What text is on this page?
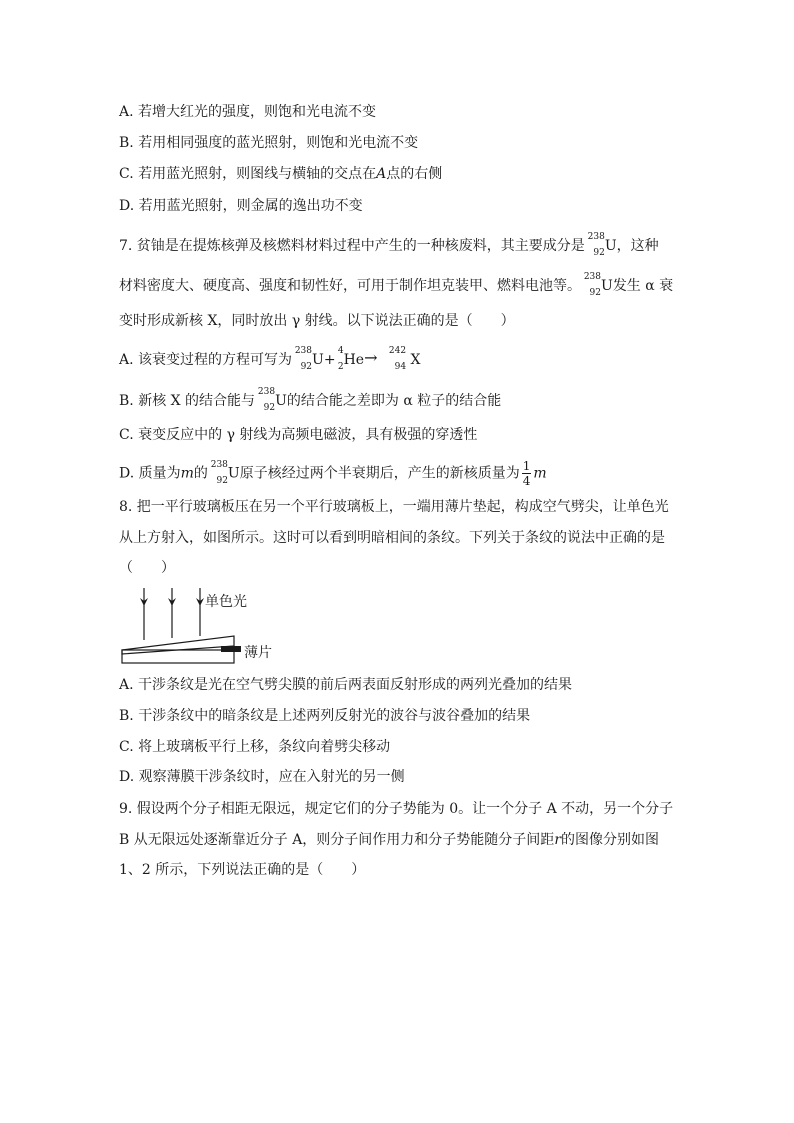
A. 若增大红光的强度，则饱和光电流不变
B. 若用相同强度的蓝光照射，则饱和光电流不变
C. 若用蓝光照射，则图线与横轴的交点在A点的右侧
D. 若用蓝光照射，则金属的逸出功不变
7. 贫铀是在提炼核弹及核燃料材料过程中产生的一种核废料，其主要成分是
238
92 U，这种
材料密度大、硬度高、强度和韧性好，可用于制作坦克装甲、燃料电池等。
238
92 U发生 α 衰
变时形成新核 X，同时放出 γ 射线。以下说法正确的是（　　）
A. 该衰变过程的方程可写为
238
92 U+
4
2 He → 242
94 X
B. 新核 X 的结合能与
238
92 U的结合能之差即为 α 粒子的结合能
C. 衰变反应中的 γ 射线为高频电磁波，具有极强的穿透性
D. 质量为m的
238
92 U原子核经过两个半衰期后，产生的新核质量为 $\frac{1}{4}$ m
8. 把一平行玻璃板压在另一个平行玻璃板上，一端用薄片垫起，构成空气劈尖，让单色光
从上方射入，如图所示。这时可以看到明暗相间的条纹。下列关于条纹的说法中正确的是
（　　）
单色光
薄片
A. 干涉条纹是光在空气劈尖膜的前后两表面反射形成的两列光叠加的结果
B. 干涉条纹中的暗条纹是上述两列反射光的波谷与波谷叠加的结果
C. 将上玻璃板平行上移，条纹向着劈尖移动
D. 观察薄膜干涉条纹时，应在入射光的另一侧
9. 假设两个分子相距无限远，规定它们的分子势能为 0。让一个分子 A 不动，另一个分子
B 从无限远处逐渐靠近分子 A，则分子间作用力和分子势能随分子间距r的图像分别如图
1、2 所示，下列说法正确的是（　　）
